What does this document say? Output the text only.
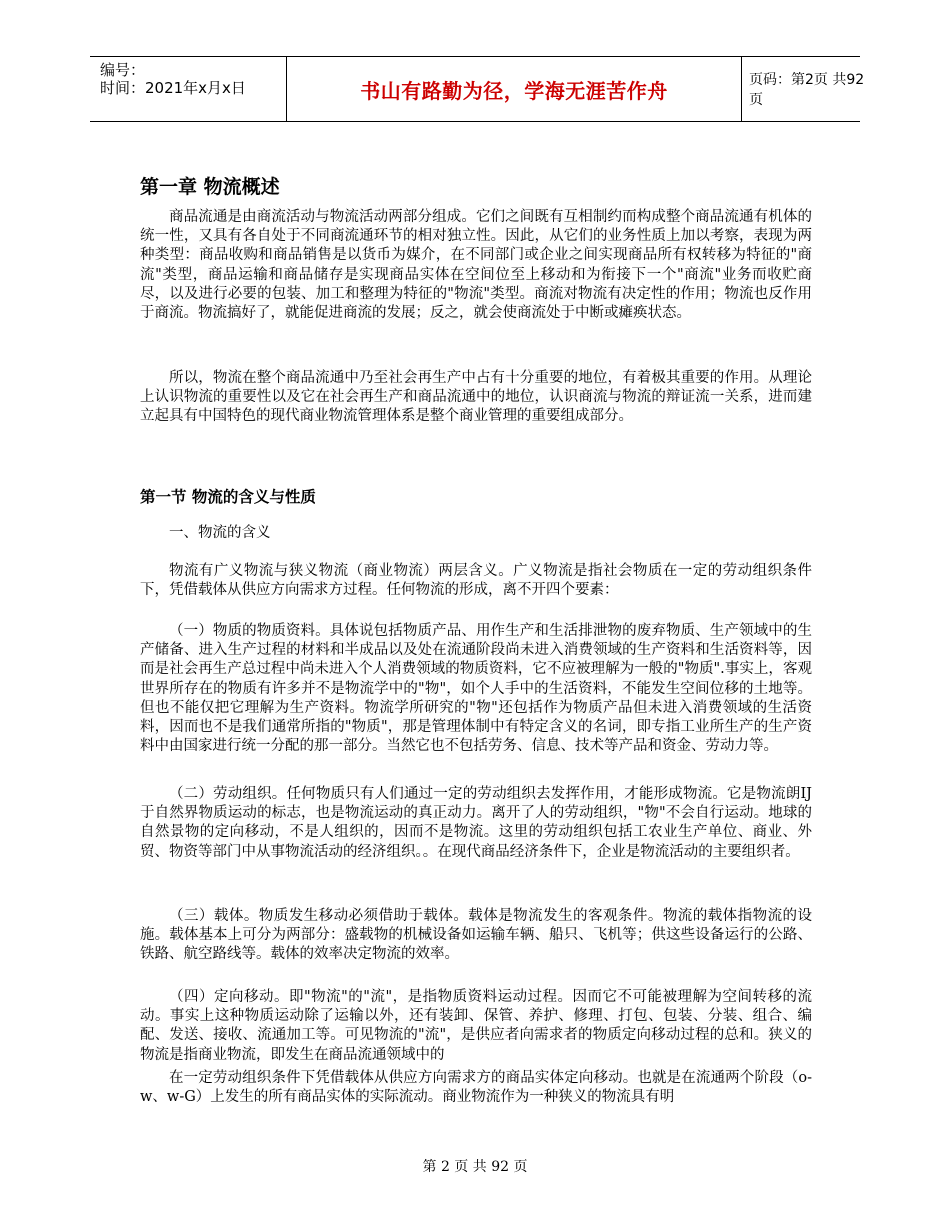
编号：
时间：2021年x月x日	书山有路勤为径，学海无涯苦作舟	页码：第2页 共92页
第一章 物流概述

商品流通是由商流活动与物流活动两部分组成。它们之间既有互相制约而构成整个商品流通有机体的统一性，又具有各自处于不同商流通环节的相对独立性。因此，从它们的业务性质上加以考察，表现为两种类型：商品收购和商品销售是以货币为媒介，在不同部门或企业之间实现商品所有权转移为特征的"商流"类型，商品运输和商品储存是实现商品实体在空间位至上移动和为衔接下一个"商流"业务而收贮商尽，以及进行必要的包装、加工和整理为特征的"物流"类型。商流对物流有决定性的作用；物流也反作用于商流。物流搞好了，就能促进商流的发展；反之，就会使商流处于中断或瘫痪状态。

所以，物流在整个商品流通中乃至社会再生产中占有十分重要的地位，有着极其重要的作用。从理论上认识物流的重要性以及它在社会再生产和商品流通中的地位，认识商流与物流的辩证流一关系，进而建立起具有中国特色的现代商业物流管理体系是整个商业管理的重要组成部分。

第一节 物流的含义与性质

一、物流的含义

物流有广义物流与狭义物流（商业物流）两层含义。广义物流是指社会物质在一定的劳动组织条件下，凭借载体从供应方向需求方过程。任何物流的形成，离不开四个要素：

（一）物质的物质资料。具体说包括物质产品、用作生产和生活排泄物的废弃物质、生产领域中的生产储备、进入生产过程的材料和半成品以及处在流通阶段尚未进入消费领域的生产资料和生活资料等，因而是社会再生产总过程中尚未进入个人消费领域的物质资料，它不应被理解为一般的"物质".事实上，客观世界所存在的物质有许多并不是物流学中的"物"，如个人手中的生活资料，不能发生空间位移的土地等。但也不能仅把它理解为生产资料。物流学所研究的"物"还包括作为物质产品但未进入消费领域的生活资料，因而也不是我们通常所指的"物质"，那是管理体制中有特定含义的名词，即专指工业所生产的生产资料中由国家进行统一分配的那一部分。当然它也不包括劳务、信息、技术等产品和资金、劳动力等。

（二）劳动组织。任何物质只有人们通过一定的劳动组织去发挥作用，才能形成物流。它是物流朗IJ于自然界物质运动的标志，也是物流运动的真正动力。离开了人的劳动组织，"物"不会自行运动。地球的自然景物的定向移动，不是人组织的，因而不是物流。这里的劳动组织包括工农业生产单位、商业、外贸、物资等部门中从事物流活动的经济组织。。在现代商品经济条件下，企业是物流活动的主要组织者。

（三）载体。物质发生移动必须借助于载体。载体是物流发生的客观条件。物流的载体指物流的设施。载体基本上可分为两部分：盛载物的机械设备如运输车辆、船只、飞机等；供这些设备运行的公路、铁路、航空路线等。载体的效率决定物流的效率。

（四）定向移动。即"物流"的"流"，是指物质资料运动过程。因而它不可能被理解为空间转移的流动。事实上这种物质运动除了运输以外，还有装卸、保管、养护、修理、打包、包装、分装、组合、编配、发送、接收、流通加工等。可见物流的"流"，是供应者向需求者的物质定向移动过程的总和。狭义的物流是指商业物流，即发生在商品流通领域中的

在一定劳动组织条件下凭借载体从供应方向需求方的商品实体定向移动。也就是在流通两个阶段（o-w、w-G）上发生的所有商品实体的实际流动。商业物流作为一种狭义的物流具有明

第 2 页 共 92 页
